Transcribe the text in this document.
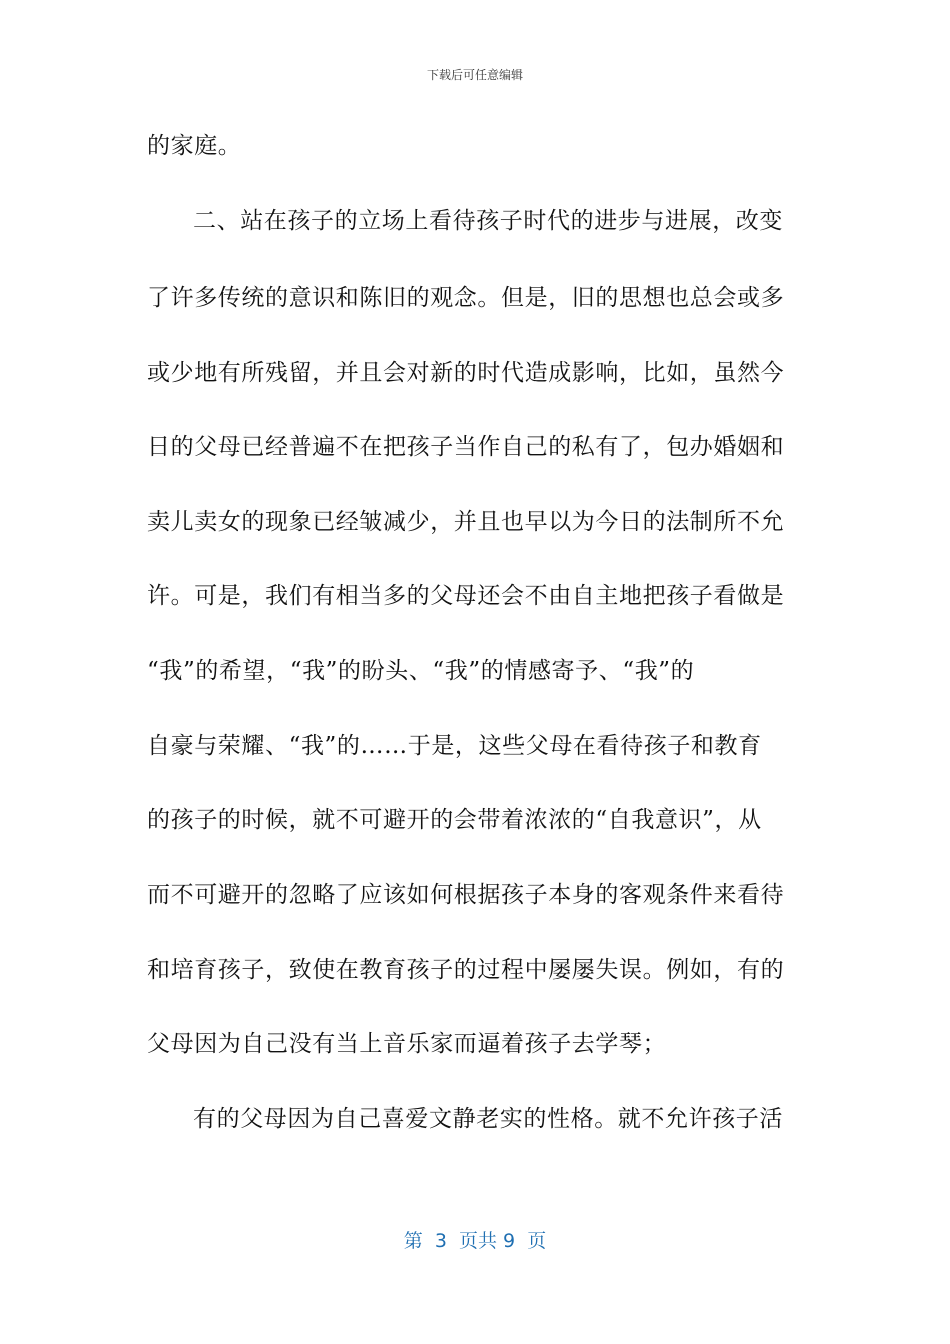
下载后可任意编辑
的家庭。
二、站在孩子的立场上看待孩子时代的进步与进展，改变
了许多传统的意识和陈旧的观念。但是，旧的思想也总会或多
或少地有所残留，并且会对新的时代造成影响，比如，虽然今
日的父母已经普遍不在把孩子当作自己的私有了，包办婚姻和
卖儿卖女的现象已经皱减少，并且也早以为今日的法制所不允
许。可是，我们有相当多的父母还会不由自主地把孩子看做是
“我”的希望，“我”的盼头、“我”的情感寄予、“我”的
自豪与荣耀、“我”的……于是，这些父母在看待孩子和教育
的孩子的时候，就不可避开的会带着浓浓的“自我意识”，从
而不可避开的忽略了应该如何根据孩子本身的客观条件来看待
和培育孩子，致使在教育孩子的过程中屡屡失误。例如，有的
父母因为自己没有当上音乐家而逼着孩子去学琴；
有的父母因为自己喜爱文静老实的性格。就不允许孩子活
第  3  页共 9  页
